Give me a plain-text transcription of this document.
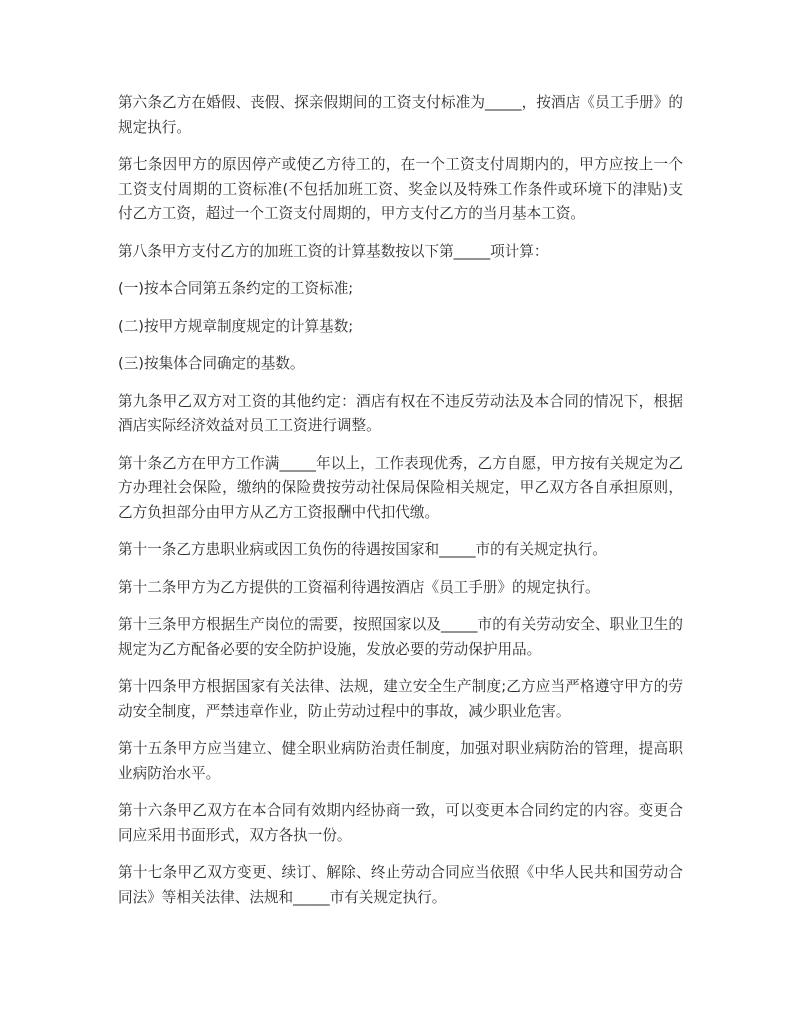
第六条乙方在婚假、丧假、探亲假期间的工资支付标准为_____，按酒店《员工手册》的规定执行。

第七条因甲方的原因停产或使乙方待工的，在一个工资支付周期内的，甲方应按上一个工资支付周期的工资标准(不包括加班工资、奖金以及特殊工作条件或环境下的津贴)支付乙方工资，超过一个工资支付周期的，甲方支付乙方的当月基本工资。

第八条甲方支付乙方的加班工资的计算基数按以下第_____项计算：

(一)按本合同第五条约定的工资标准;

(二)按甲方规章制度规定的计算基数;

(三)按集体合同确定的基数。

第九条甲乙双方对工资的其他约定：酒店有权在不违反劳动法及本合同的情况下，根据酒店实际经济效益对员工工资进行调整。

第十条乙方在甲方工作满_____年以上，工作表现优秀，乙方自愿，甲方按有关规定为乙方办理社会保险，缴纳的保险费按劳动社保局保险相关规定，甲乙双方各自承担原则，乙方负担部分由甲方从乙方工资报酬中代扣代缴。

第十一条乙方患职业病或因工负伤的待遇按国家和_____市的有关规定执行。

第十二条甲方为乙方提供的工资福利待遇按酒店《员工手册》的规定执行。

第十三条甲方根据生产岗位的需要，按照国家以及_____市的有关劳动安全、职业卫生的规定为乙方配备必要的安全防护设施，发放必要的劳动保护用品。

第十四条甲方根据国家有关法律、法规，建立安全生产制度;乙方应当严格遵守甲方的劳动安全制度，严禁违章作业，防止劳动过程中的事故，减少职业危害。

第十五条甲方应当建立、健全职业病防治责任制度，加强对职业病防治的管理，提高职业病防治水平。

第十六条甲乙双方在本合同有效期内经协商一致，可以变更本合同约定的内容。变更合同应采用书面形式，双方各执一份。

第十七条甲乙双方变更、续订、解除、终止劳动合同应当依照《中华人民共和国劳动合同法》等相关法律、法规和_____市有关规定执行。
